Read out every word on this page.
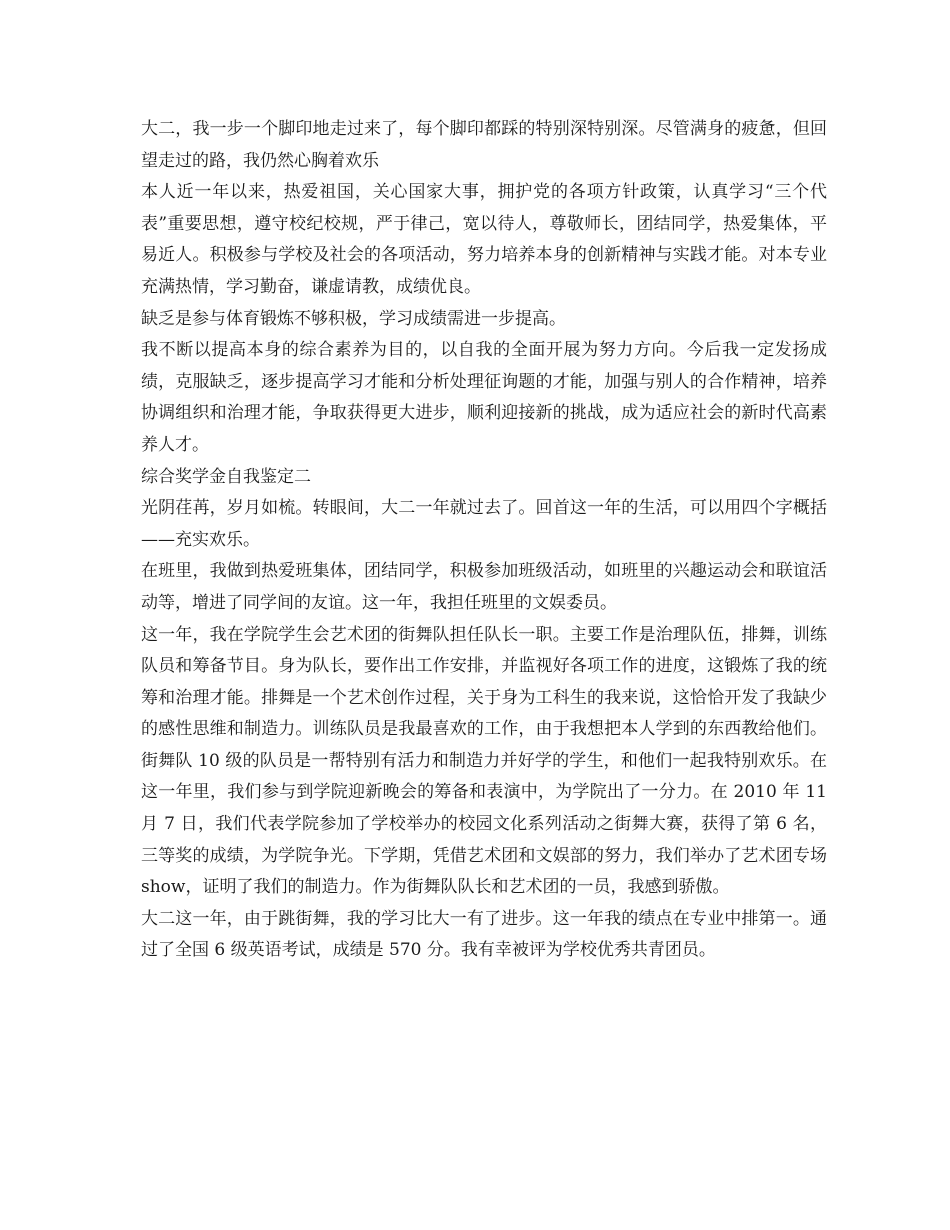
大二，我一步一个脚印地走过来了，每个脚印都踩的特别深特别深。尽管满身的疲惫，但回望走过的路，我仍然心胸着欢乐

本人近一年以来，热爱祖国，关心国家大事，拥护党的各项方针政策，认真学习“三个代表”重要思想，遵守校纪校规，严于律己，宽以待人，尊敬师长，团结同学，热爱集体，平易近人。积极参与学校及社会的各项活动，努力培养本身的创新精神与实践才能。对本专业充满热情，学习勤奋，谦虚请教，成绩优良。

缺乏是参与体育锻炼不够积极，学习成绩需进一步提高。

我不断以提高本身的综合素养为目的，以自我的全面开展为努力方向。今后我一定发扬成绩，克服缺乏，逐步提高学习才能和分析处理征询题的才能，加强与别人的合作精神，培养协调组织和治理才能，争取获得更大进步，顺利迎接新的挑战，成为适应社会的新时代高素养人才。

综合奖学金自我鉴定二

光阴荏苒，岁月如梳。转眼间，大二一年就过去了。回首这一年的生活，可以用四个字概括——充实欢乐。

在班里，我做到热爱班集体，团结同学，积极参加班级活动，如班里的兴趣运动会和联谊活动等，增进了同学间的友谊。这一年，我担任班里的文娱委员。

这一年，我在学院学生会艺术团的街舞队担任队长一职。主要工作是治理队伍，排舞，训练队员和筹备节目。身为队长，要作出工作安排，并监视好各项工作的进度，这锻炼了我的统筹和治理才能。排舞是一个艺术创作过程，关于身为工科生的我来说，这恰恰开发了我缺少的感性思维和制造力。训练队员是我最喜欢的工作，由于我想把本人学到的东西教给他们。街舞队 10 级的队员是一帮特别有活力和制造力并好学的学生，和他们一起我特别欢乐。在这一年里，我们参与到学院迎新晚会的筹备和表演中，为学院出了一分力。在 2010 年 11 月 7 日，我们代表学院参加了学校举办的校园文化系列活动之街舞大赛，获得了第 6 名，三等奖的成绩，为学院争光。下学期，凭借艺术团和文娱部的努力，我们举办了艺术团专场 show，证明了我们的制造力。作为街舞队队长和艺术团的一员，我感到骄傲。

大二这一年，由于跳街舞，我的学习比大一有了进步。这一年我的绩点在专业中排第一。通过了全国 6 级英语考试，成绩是 570 分。我有幸被评为学校优秀共青团员。
